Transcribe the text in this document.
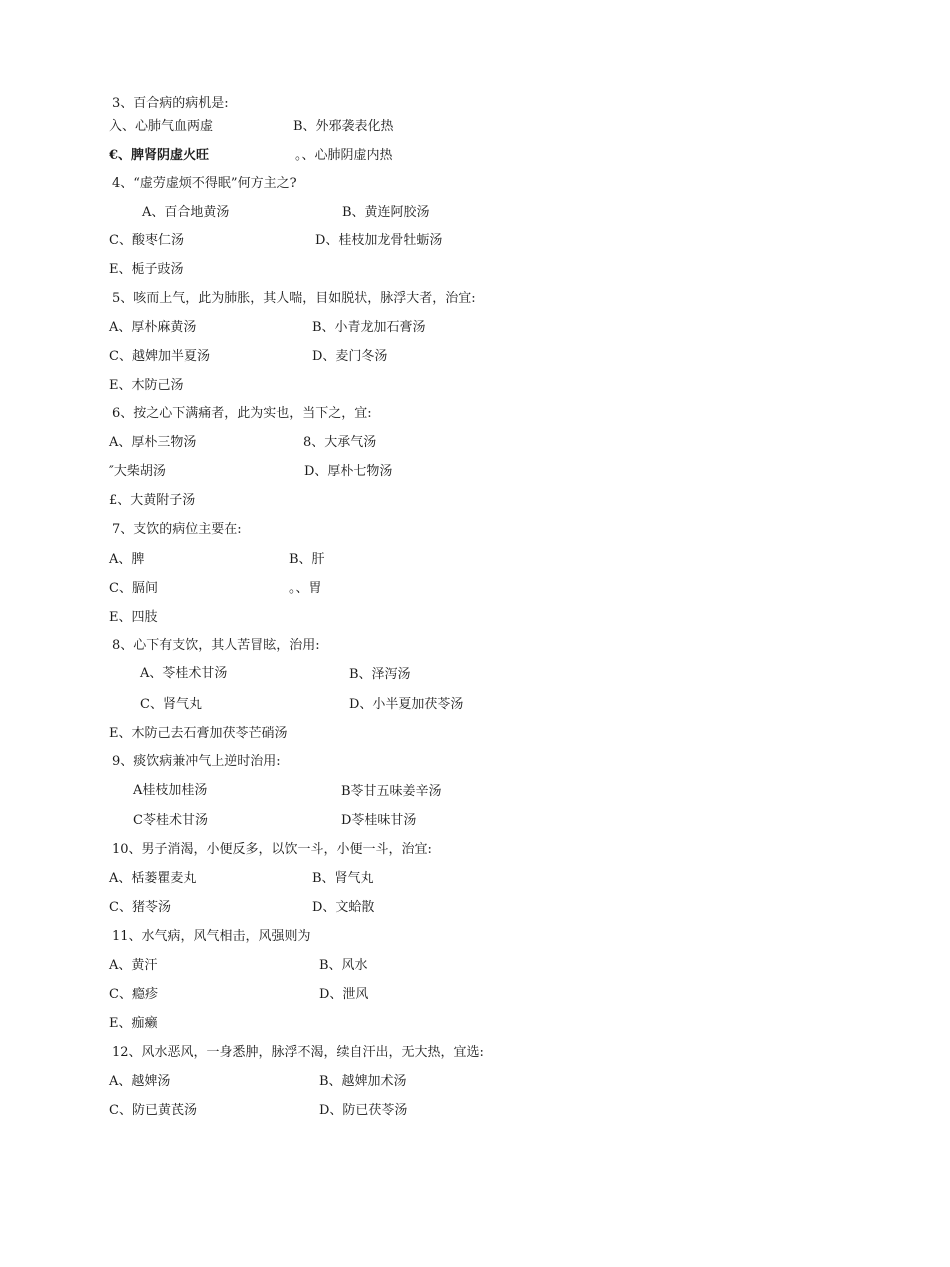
3、百合病的病机是:
入、心肺气血两虚	B、外邪袭表化热
€、脾肾阴虚火旺	。、心肺阴虚内热
4、“虚劳虚烦不得眠”何方主之?
A、百合地黄汤	B、黄连阿胶汤
C、酸枣仁汤	D、桂枝加龙骨牡蛎汤
E、栀子豉汤
5、咳而上气，此为肺胀，其人喘，目如脱状，脉浮大者，治宜:
A、厚朴麻黄汤	B、小青龙加石膏汤
C、越婢加半夏汤	D、麦门冬汤
E、木防己汤
6、按之心下满痛者，此为实也，当下之，宜:
A、厚朴三物汤	8、大承气汤
″大柴胡汤	D、厚朴七物汤
£、大黄附子汤
7、支饮的病位主要在:
A、脾	B、肝
C、膈间	。、胃
E、四肢
8、心下有支饮，其人苦冒眩，治用:
A、苓桂术甘汤	B、泽泻汤
C、肾气丸	D、小半夏加茯苓汤
E、木防己去石膏加茯苓芒硝汤
9、痰饮病兼冲气上逆时治用:
A桂枝加桂汤	B苓甘五味姜辛汤
C苓桂术甘汤	D苓桂味甘汤
10、男子消渴，小便反多，以饮一斗，小便一斗，治宜:
A、栝蒌瞿麦丸	B、肾气丸
C、猪苓汤	D、文蛤散
11、水气病，风气相击，风强则为
A、黄汗	B、风水
C、瘾疹	D、泄风
E、痂癞
12、风水恶风，一身悉肿，脉浮不渴，续自汗出，无大热，宜选:
A、越婢汤	B、越婢加术汤
C、防已黄芪汤	D、防已茯苓汤
